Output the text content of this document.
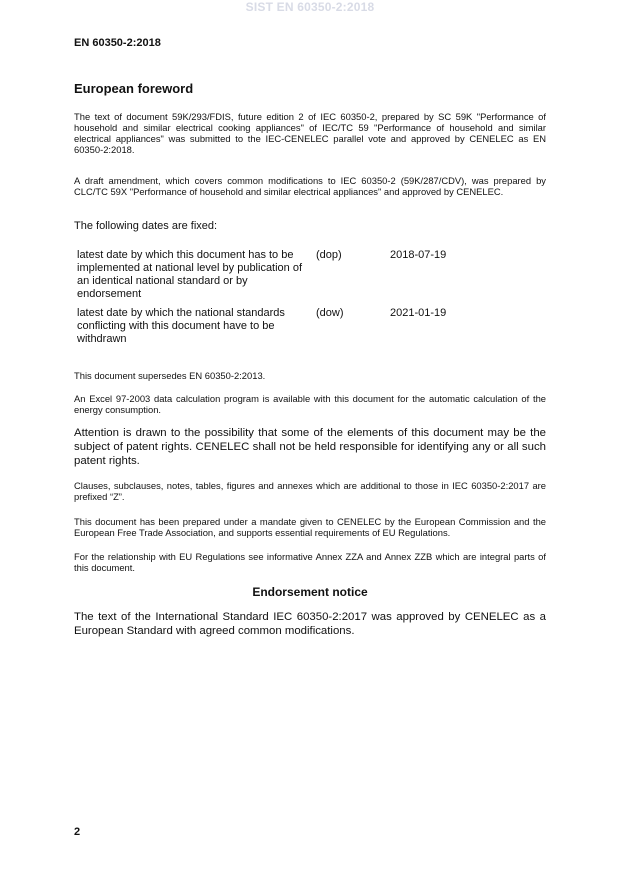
SIST EN 60350-2:2018
EN 60350-2:2018
European foreword

The text of document 59K/293/FDIS, future edition 2 of IEC 60350-2, prepared by SC 59K "Performance of household and similar electrical cooking appliances" of IEC/TC 59 "Performance of household and similar electrical appliances" was submitted to the IEC-CENELEC parallel vote and approved by CENELEC as EN 60350-2:2018.

A draft amendment, which covers common modifications to IEC 60350-2 (59K/287/CDV), was prepared by CLC/TC 59X "Performance of household and similar electrical appliances" and approved by CENELEC.

The following dates are fixed:

latest date by which this document has to be implemented at national level by publication of an identical national standard or by endorsement
(dop)	2018-07-19
latest date by which the national standards conflicting with this document have to be withdrawn
(dow)	2021-01-19

This document supersedes EN 60350-2:2013.

An Excel 97-2003 data calculation program is available with this document for the automatic calculation of the energy consumption.

Attention is drawn to the possibility that some of the elements of this document may be the subject of patent rights. CENELEC shall not be held responsible for identifying any or all such patent rights.

Clauses, subclauses, notes, tables, figures and annexes which are additional to those in IEC 60350-2:2017 are prefixed “Z”.

This document has been prepared under a mandate given to CENELEC by the European Commission and the European Free Trade Association, and supports essential requirements of EU Regulations.

For the relationship with EU Regulations see informative Annex ZZA and Annex ZZB which are integral parts of this document.

Endorsement notice

The text of the International Standard IEC 60350-2:2017 was approved by CENELEC as a European Standard with agreed common modifications.

2
